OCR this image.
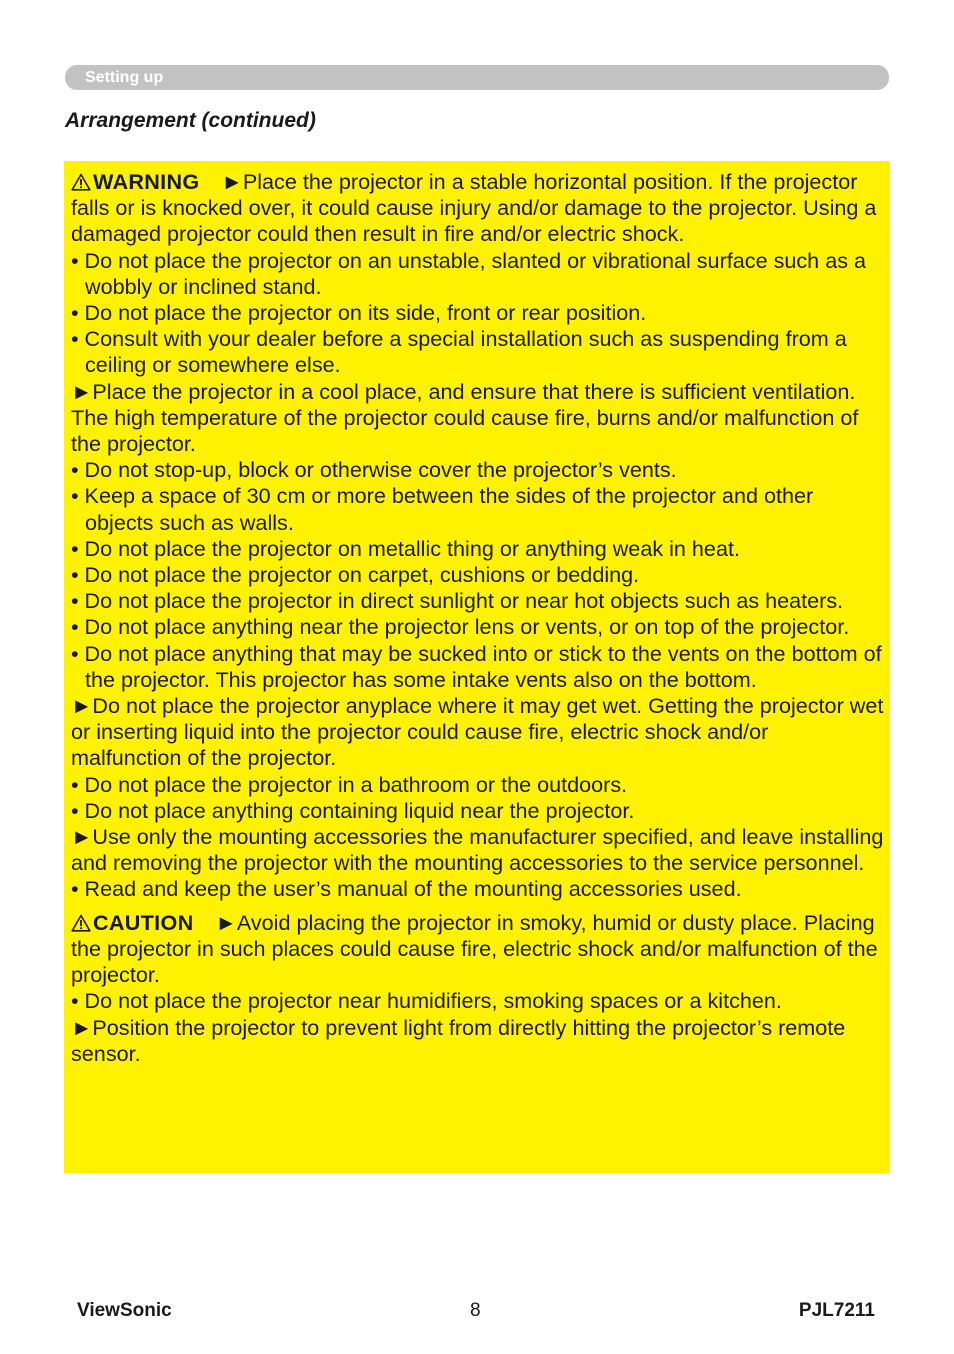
Setting up
Arrangement (continued)

WARNING ►Place the projector in a stable horizontal position. If the projector falls or is knocked over, it could cause injury and/or damage to the projector. Using a damaged projector could then result in fire and/or electric shock.

• Do not place the projector on an unstable, slanted or vibrational surface such as a wobbly or inclined stand.

• Do not place the projector on its side, front or rear position.

• Consult with your dealer before a special installation such as suspending from a ceiling or somewhere else.

►Place the projector in a cool place, and ensure that there is sufficient ventilation. The high temperature of the projector could cause fire, burns and/or malfunction of the projector.

• Do not stop-up, block or otherwise cover the projector’s vents.

• Keep a space of 30 cm or more between the sides of the projector and other objects such as walls.

• Do not place the projector on metallic thing or anything weak in heat.

• Do not place the projector on carpet, cushions or bedding.

• Do not place the projector in direct sunlight or near hot objects such as heaters.

• Do not place anything near the projector lens or vents, or on top of the projector.

• Do not place anything that may be sucked into or stick to the vents on the bottom of the projector. This projector has some intake vents also on the bottom.

►Do not place the projector anyplace where it may get wet. Getting the projector wet or inserting liquid into the projector could cause fire, electric shock and/or malfunction of the projector.

• Do not place the projector in a bathroom or the outdoors.

• Do not place anything containing liquid near the projector.

►Use only the mounting accessories the manufacturer specified, and leave installing and removing the projector with the mounting accessories to the service personnel.

• Read and keep the user’s manual of the mounting accessories used.

CAUTION ►Avoid placing the projector in smoky, humid or dusty place. Placing the projector in such places could cause fire, electric shock and/or malfunction of the projector.

• Do not place the projector near humidifiers, smoking spaces or a kitchen.

►Position the projector to prevent light from directly hitting the projector’s remote sensor.

ViewSonic	8	PJL7211
